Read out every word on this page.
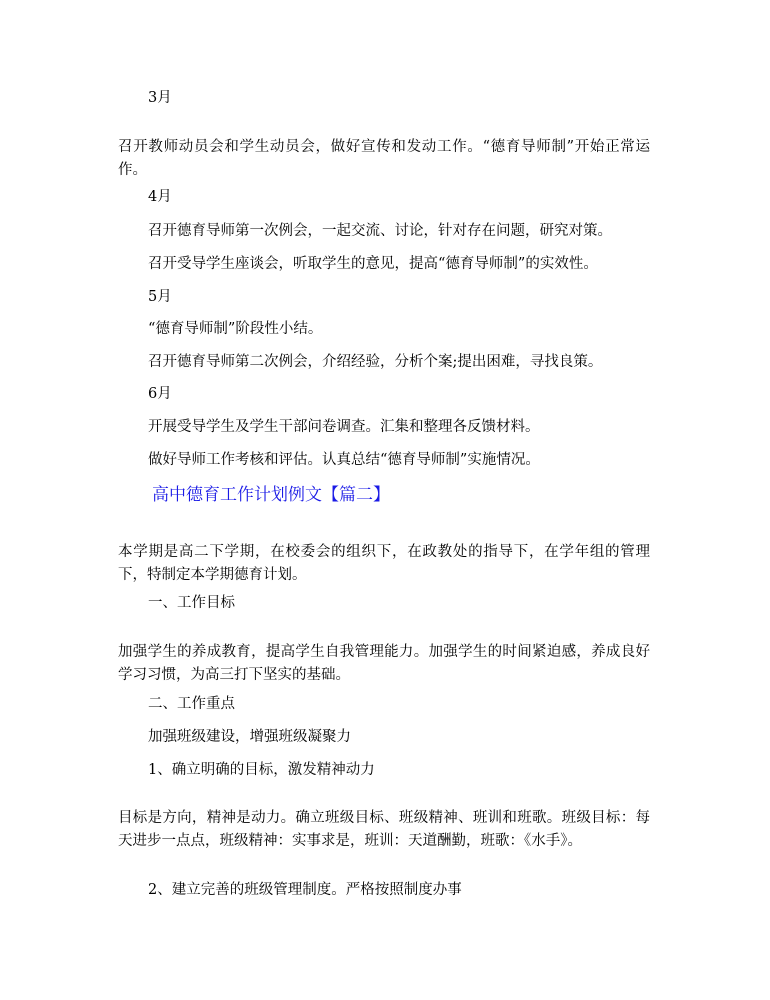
3月

召开教师动员会和学生动员会，做好宣传和发动工作。“德育导师制”开始正常运作。

4月

召开德育导师第一次例会，一起交流、讨论，针对存在问题，研究对策。

召开受导学生座谈会，听取学生的意见，提高“德育导师制”的实效性。

5月

“德育导师制”阶段性小结。

召开德育导师第二次例会，介绍经验，分析个案;提出困难，寻找良策。

6月

开展受导学生及学生干部问卷调查。汇集和整理各反馈材料。

做好导师工作考核和评估。认真总结“德育导师制”实施情况。

高中德育工作计划例文【篇二】

本学期是高二下学期，在校委会的组织下，在政教处的指导下，在学年组的管理下，特制定本学期德育计划。

一、工作目标

加强学生的养成教育，提高学生自我管理能力。加强学生的时间紧迫感，养成良好学习习惯，为高三打下坚实的基础。

二、工作重点

加强班级建设，增强班级凝聚力

1、确立明确的目标，激发精神动力

目标是方向，精神是动力。确立班级目标、班级精神、班训和班歌。班级目标：每天进步一点点，班级精神：实事求是，班训：天道酬勤，班歌：《水手》。

2、建立完善的班级管理制度。严格按照制度办事
